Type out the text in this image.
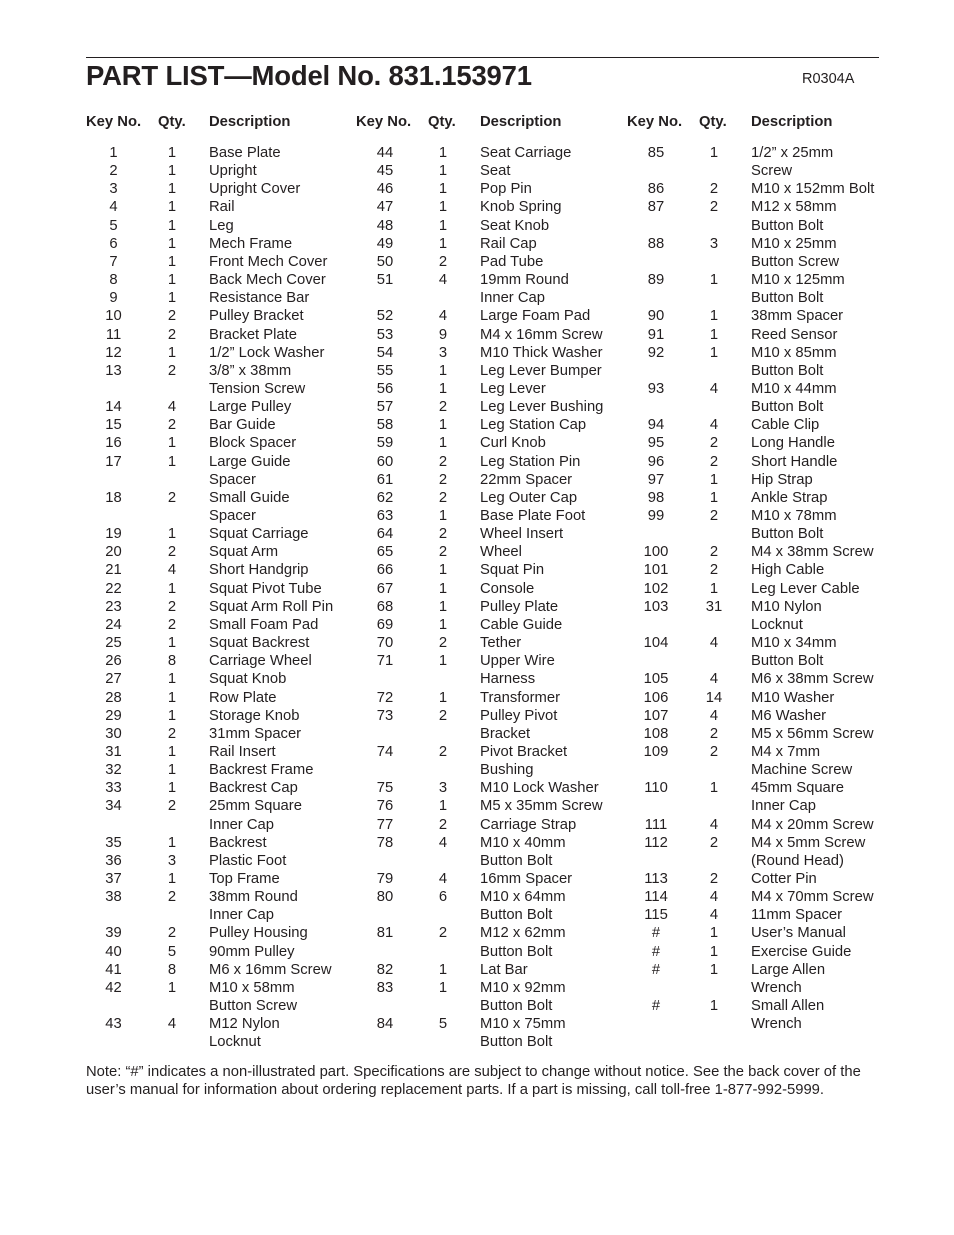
PART LIST—Model No. 831.153971	R0304A
Key No. Qty. Description
1	1	Base Plate
2	1	Upright
3	1	Upright Cover
4	1	Rail
5	1	Leg
6	1	Mech Frame
7	1	Front Mech Cover
8	1	Back Mech Cover
9	1	Resistance Bar
10	2	Pulley Bracket
11	2	Bracket Plate
12	1	1/2” Lock Washer
13	2	3/8” x 38mm
Tension Screw
14	4	Large Pulley
15	2	Bar Guide
16	1	Block Spacer
17	1	Large Guide
Spacer
18	2	Small Guide
Spacer
19	1	Squat Carriage
20	2	Squat Arm
21	4	Short Handgrip
22	1	Squat Pivot Tube
23	2	Squat Arm Roll Pin
24	2	Small Foam Pad
25	1	Squat Backrest
26	8	Carriage Wheel
27	1	Squat Knob
28	1	Row Plate
29	1	Storage Knob
30	2	31mm Spacer
31	1	Rail Insert
32	1	Backrest Frame
33	1	Backrest Cap
34	2	25mm Square
Inner Cap
35	1	Backrest
36	3	Plastic Foot
37	1	Top Frame
38	2	38mm Round
Inner Cap
39	2	Pulley Housing
40	5	90mm Pulley
41	8	M6 x 16mm Screw
42	1	M10 x 58mm
Button Screw
43	4	M12 Nylon
Locknut
Key No. Qty. Description
44	1	Seat Carriage
45	1	Seat
46	1	Pop Pin
47	1	Knob Spring
48	1	Seat Knob
49	1	Rail Cap
50	2	Pad Tube
51	4	19mm Round
Inner Cap
52	4	Large Foam Pad
53	9	M4 x 16mm Screw
54	3	M10 Thick Washer
55	1	Leg Lever Bumper
56	1	Leg Lever
57	2	Leg Lever Bushing
58	1	Leg Station Cap
59	1	Curl Knob
60	2	Leg Station Pin
61	2	22mm Spacer
62	2	Leg Outer Cap
63	1	Base Plate Foot
64	2	Wheel Insert
65	2	Wheel
66	1	Squat Pin
67	1	Console
68	1	Pulley Plate
69	1	Cable Guide
70	2	Tether
71	1	Upper Wire
Harness
72	1	Transformer
73	2	Pulley Pivot
Bracket
74	2	Pivot Bracket
Bushing
75	3	M10 Lock Washer
76	1	M5 x 35mm Screw
77	2	Carriage Strap
78	4	M10 x 40mm
Button Bolt
79	4	16mm Spacer
80	6	M10 x 64mm
Button Bolt
81	2	M12 x 62mm
Button Bolt
82	1	Lat Bar
83	1	M10 x 92mm
Button Bolt
84	5	M10 x 75mm
Button Bolt
Key No. Qty. Description
85	1	1/2” x 25mm
Screw
86	2	M10 x 152mm Bolt
87	2	M12 x 58mm
Button Bolt
88	3	M10 x 25mm
Button Screw
89	1	M10 x 125mm
Button Bolt
90	1	38mm Spacer
91	1	Reed Sensor
92	1	M10 x 85mm
Button Bolt
93	4	M10 x 44mm
Button Bolt
94	4	Cable Clip
95	2	Long Handle
96	2	Short Handle
97	1	Hip Strap
98	1	Ankle Strap
99	2	M10 x 78mm
Button Bolt
100	2	M4 x 38mm Screw
101	2	High Cable
102	1	Leg Lever Cable
103	31	M10 Nylon
Locknut
104	4	M10 x 34mm
Button Bolt
105	4	M6 x 38mm Screw
106	14	M10 Washer
107	4	M6 Washer
108	2	M5 x 56mm Screw
109	2	M4 x 7mm
Machine Screw
110	1	45mm Square
Inner Cap
111	4	M4 x 20mm Screw
112	2	M4 x 5mm Screw
(Round Head)
113	2	Cotter Pin
114	4	M4 x 70mm Screw
115	4	11mm Spacer
#	1	User’s Manual
#	1	Exercise Guide
#	1	Large Allen
Wrench
#	1	Small Allen
Wrench

Note: “#” indicates a non-illustrated part. Specifications are subject to change without notice. See the back cover of the user’s manual for information about ordering replacement parts. If a part is missing, call toll-free 1-877-992-5999.
